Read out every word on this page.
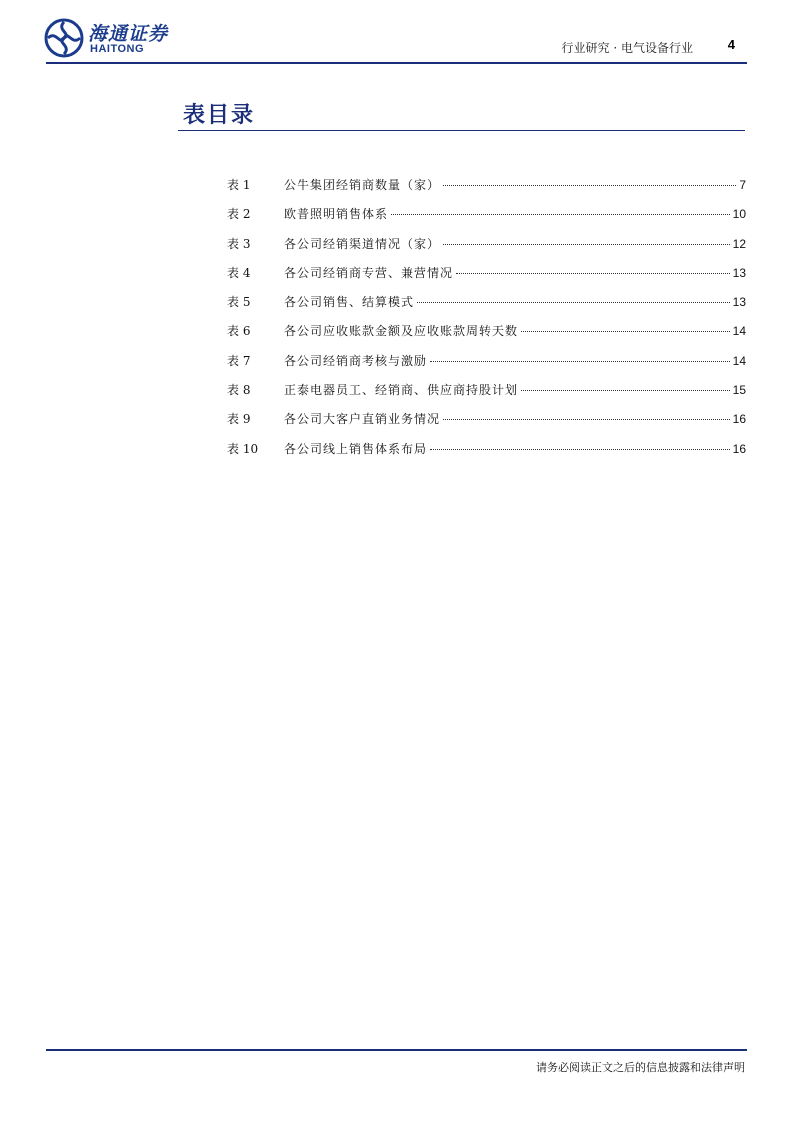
海通证券
HAITONG	行业研究 · 电气设备行业	4
表目录
表 1	公牛集团经销商数量（家）	7
表 2	欧普照明销售体系	10
表 3	各公司经销渠道情况（家）	12
表 4	各公司经销商专营、兼营情况	13
表 5	各公司销售、结算模式	13
表 6	各公司应收账款金额及应收账款周转天数	14
表 7	各公司经销商考核与激励	14
表 8	正泰电器员工、经销商、供应商持股计划	15
表 9	各公司大客户直销业务情况	16
表 10	各公司线上销售体系布局	16
请务必阅读正文之后的信息披露和法律声明
